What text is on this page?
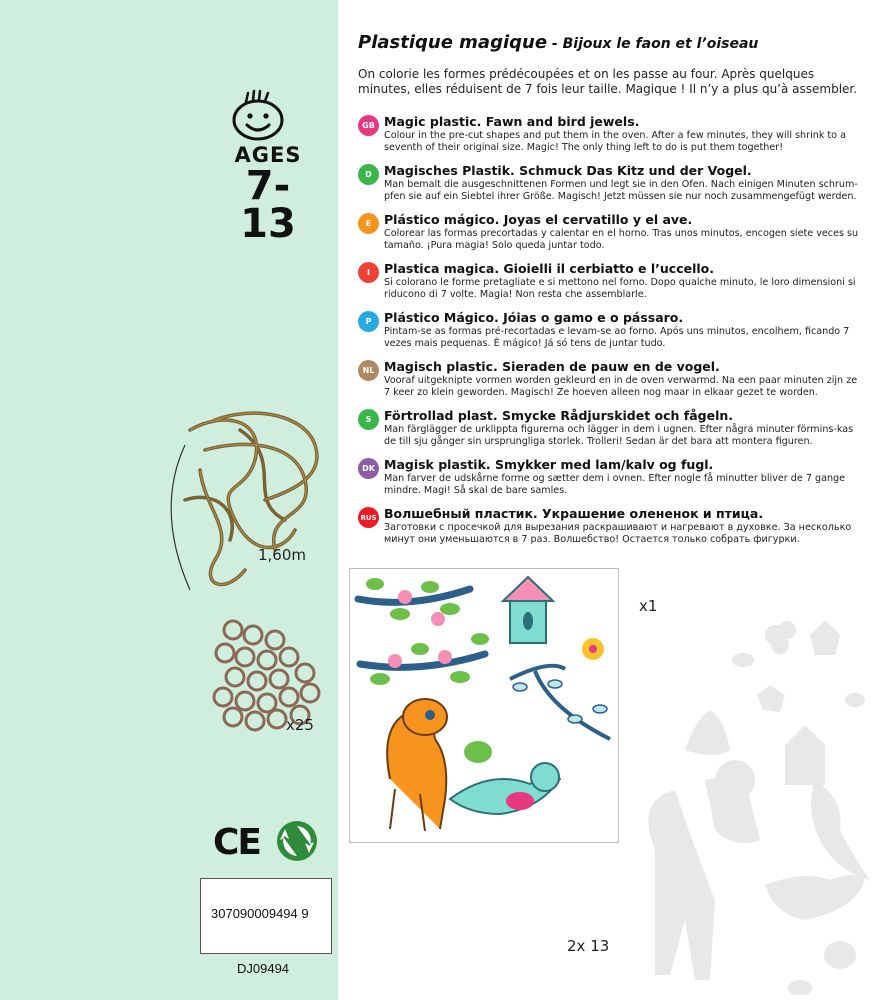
AGES
7-13
1,60m
x25
CE
307090009494 9
DJ09494
Plastique magique - Bijoux le faon et l’oiseau
On colorie les formes prédécoupées et on les passe au four. Après quelques minutes, elles réduisent de 7 fois leur taille. Magique ! Il n’y a plus qu’à assembler.
GB Magic plastic. Fawn and bird jewels.
Colour in the pre-cut shapes and put them in the oven. After a few minutes, they will shrink to a seventh of their original size. Magic! The only thing left to do is put them together!
D Magisches Plastik. Schmuck Das Kitz und der Vogel.
Man bemalt die ausgeschnittenen Formen und legt sie in den Ofen. Nach einigen Minuten schrum-pfen sie auf ein Siebtel ihrer Größe. Magisch! Jetzt müssen sie nur noch zusammengefügt werden.
E	Plástico mágico. Joyas el cervatillo y el ave.
Colorear las formas precortadas y calentar en el horno. Tras unos minutos, encogen siete veces su tamaño. ¡Pura magia! Solo queda juntar todo.
I	Plastica magica. Gioielli il cerbiatto e l’uccello.
Si colorano le forme pretagliate e si mettono nel forno. Dopo qualche minuto, le loro dimensioni si riducono di 7 volte. Magia! Non resta che assemblarle.
P	Plástico Mágico. Jóias o gamo e o pássaro.
Pintam-se as formas pré-recortadas e levam-se ao forno. Após uns minutos, encolhem, ficando 7 vezes mais pequenas. É mágico! Já só tens de juntar tudo.
NL Magisch plastic. Sieraden de pauw en de vogel.
Vooraf uitgeknipte vormen worden gekleurd en in de oven verwarmd. Na een paar minuten zijn ze 7 keer zo klein geworden. Magisch! Ze hoeven alleen nog maar in elkaar gezet te worden.
S	Förtrollad plast. Smycke Rådjurskidet och fågeln.
Man färglägger de urklippta figurerna och lägger in dem i ugnen. Efter några minuter förmins-kas de till sju gånger sin ursprungliga storlek. Trolleri! Sedan är det bara att montera figuren.
DK Magisk plastik. Smykker med lam/kalv og fugl.
Man farver de udskårne forme og sætter dem i ovnen. Efter nogle få minutter bliver de 7 gange mindre. Magi! Så skal de bare samles.
RUS Волшебный пластик. Украшение олененок и птица.
Заготовки с просечкой для вырезания раскрашивают и нагревают в духовке. За несколько минут они уменьшаются в 7 раз. Волшебство! Остается только собрать фигурки.
x1
2x 13
